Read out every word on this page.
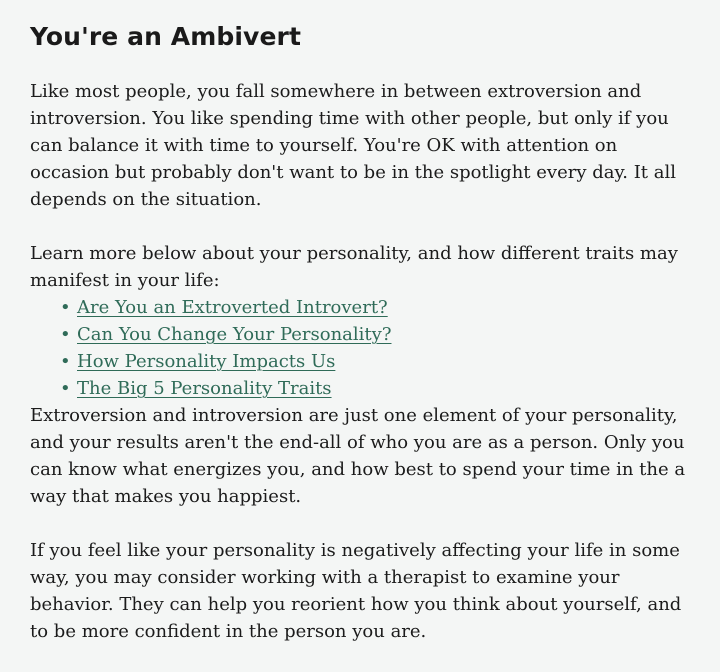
You're an Ambivert

Like most people, you fall somewhere in between extroversion and introversion. You like spending time with other people, but only if you can balance it with time to yourself. You're OK with attention on occasion but probably don't want to be in the spotlight every day. It all depends on the situation.

Learn more below about your personality, and how different traits may manifest in your life:

• Are You an Extroverted Introvert?
• Can You Change Your Personality?
• How Personality Impacts Us
• The Big 5 Personality Traits

Extroversion and introversion are just one element of your personality, and your results aren't the end-all of who you are as a person. Only you can know what energizes you, and how best to spend your time in the a way that makes you happiest.

If you feel like your personality is negatively affecting your life in some way, you may consider working with a therapist to examine your behavior. They can help you reorient how you think about yourself, and to be more confident in the person you are.
